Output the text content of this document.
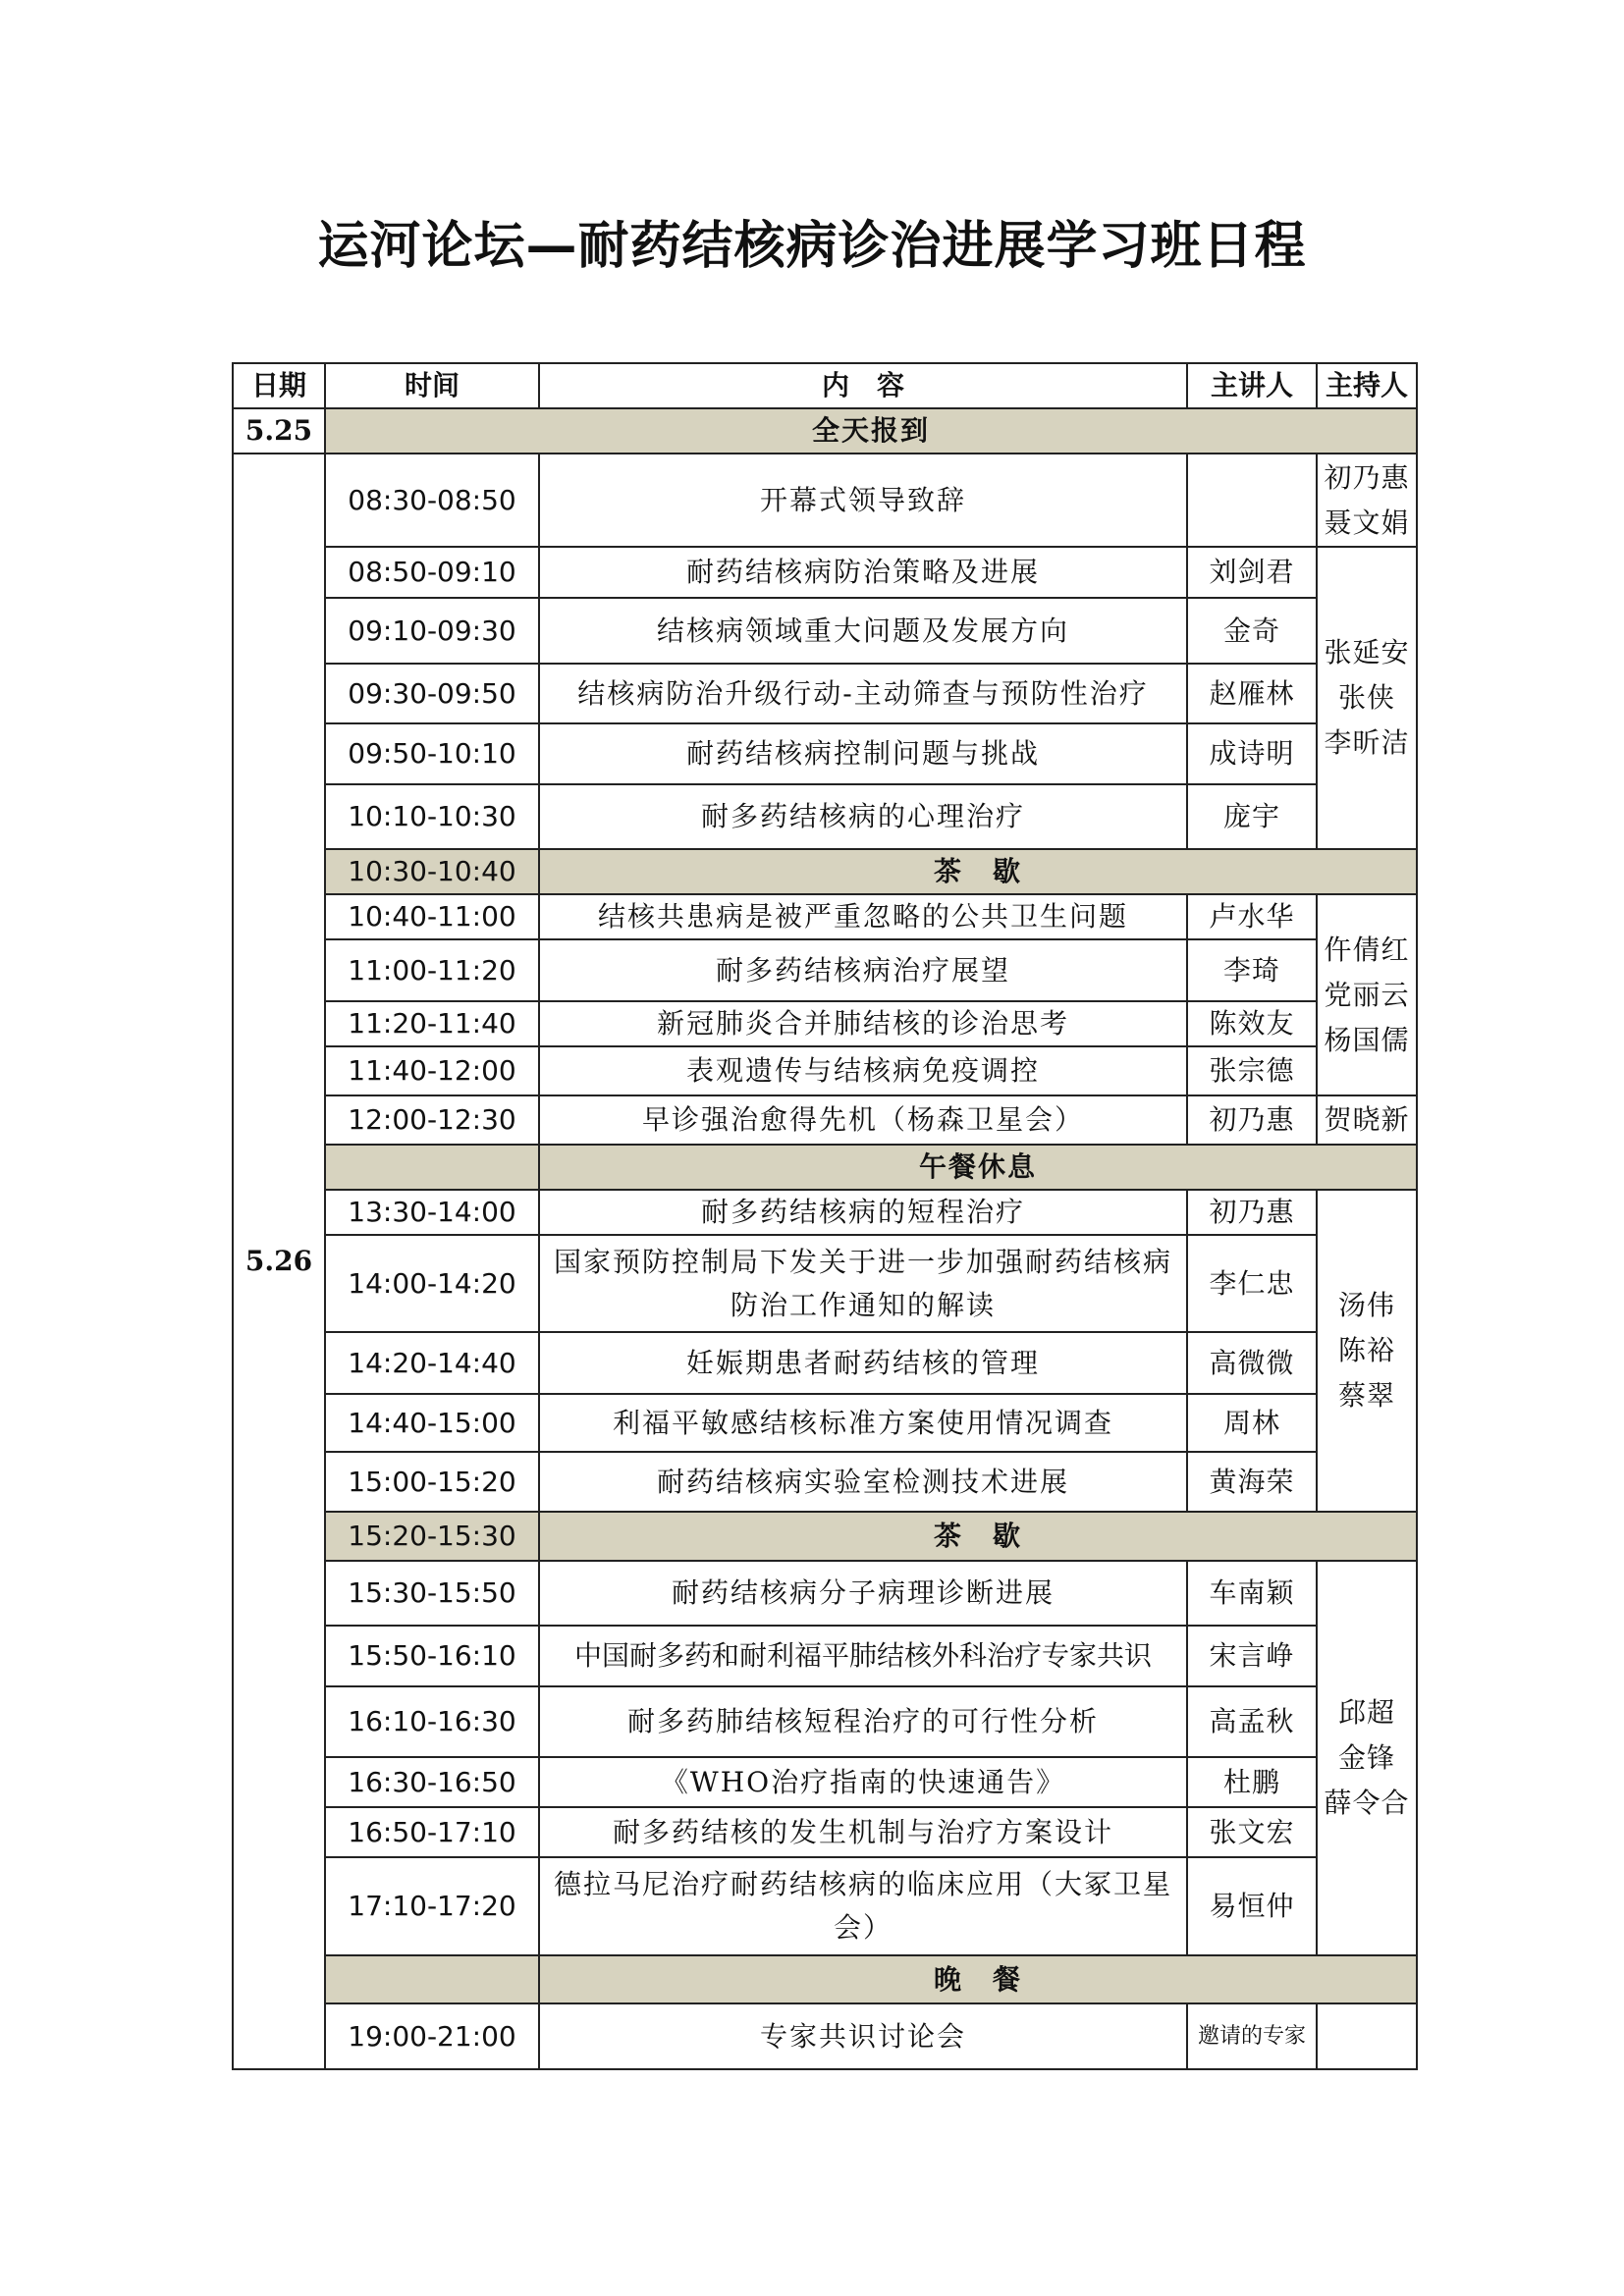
运河论坛—耐药结核病诊治进展学习班日程
日期	时间	内　容	主讲人	主持人
5.25	全天报到			
5.26	08:30-08:50	开幕式领导致辞		初乃惠
聂文娟
	08:50-09:10	耐药结核病防治策略及进展	刘剑君	张延安
张侠
李昕洁
	09:10-09:30	结核病领域重大问题及发展方向	金奇	
	09:30-09:50	结核病防治升级行动-主动筛查与预防性治疗	赵雁林	
	09:50-10:10	耐药结核病控制问题与挑战	成诗明	
	10:10-10:30	耐多药结核病的心理治疗	庞宇	
	10:30-10:40	茶　歇		
	10:40-11:00	结核共患病是被严重忽略的公共卫生问题	卢水华	仵倩红
党丽云
杨国儒
	11:00-11:20	耐多药结核病治疗展望	李琦	
	11:20-11:40	新冠肺炎合并肺结核的诊治思考	陈效友	
	11:40-12:00	表观遗传与结核病免疫调控	张宗德	
	12:00-12:30	早诊强治愈得先机（杨森卫星会）	初乃惠	贺晓新
		午餐休息		
	13:30-14:00	耐多药结核病的短程治疗	初乃惠	汤伟
陈裕
蔡翠
	14:00-14:20	国家预防控制局下发关于进一步加强耐药结核病防治工作通知的解读	李仁忠	
	14:20-14:40	妊娠期患者耐药结核的管理	高微微	
	14:40-15:00	利福平敏感结核标准方案使用情况调查	周林	
	15:00-15:20	耐药结核病实验室检测技术进展	黄海荣	
	15:20-15:30	茶　歇		
	15:30-15:50	耐药结核病分子病理诊断进展	车南颖	邱超
金锋
薛令合
	15:50-16:10	中国耐多药和耐利福平肺结核外科治疗专家共识	宋言峥	
	16:10-16:30	耐多药肺结核短程治疗的可行性分析	高孟秋	
	16:30-16:50	《WHO治疗指南的快速通告》	杜鹏	
	16:50-17:10	耐多药结核的发生机制与治疗方案设计	张文宏	
	17:10-17:20	德拉马尼治疗耐药结核病的临床应用（大冢卫星会）	易恒仲	
		晚　餐		
	19:00-21:00	专家共识讨论会	邀请的专家	
